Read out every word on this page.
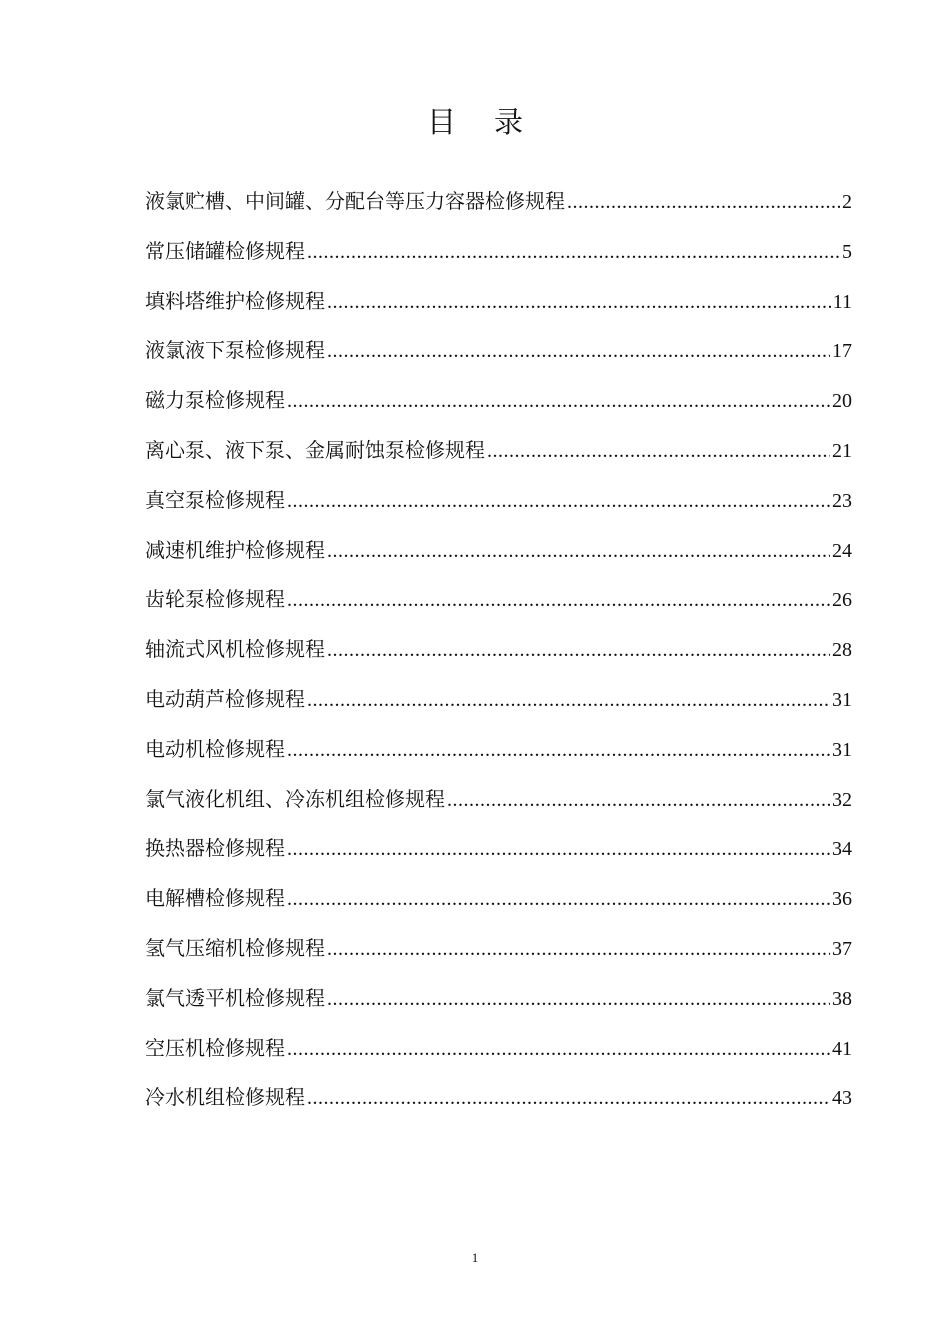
目录
液氯贮槽、中间罐、分配台等压力容器检修规程 .....	2
常压储罐检修规程 .....	5
填料塔维护检修规程 .....	11
液氯液下泵检修规程 .....	17
磁力泵检修规程 .....	20
离心泵、液下泵、金属耐蚀泵检修规程 .....	21
真空泵检修规程 .....	23
减速机维护检修规程 .....	24
齿轮泵检修规程 .....	26
轴流式风机检修规程 .....	28
电动葫芦检修规程 .....	31
电动机检修规程 .....	31
氯气液化机组、冷冻机组检修规程 .....	32
换热器检修规程 .....	34
电解槽检修规程 .....	36
氢气压缩机检修规程 .....	37
氯气透平机检修规程 .....	38
空压机检修规程 .....	41
冷水机组检修规程 .....	43
1
